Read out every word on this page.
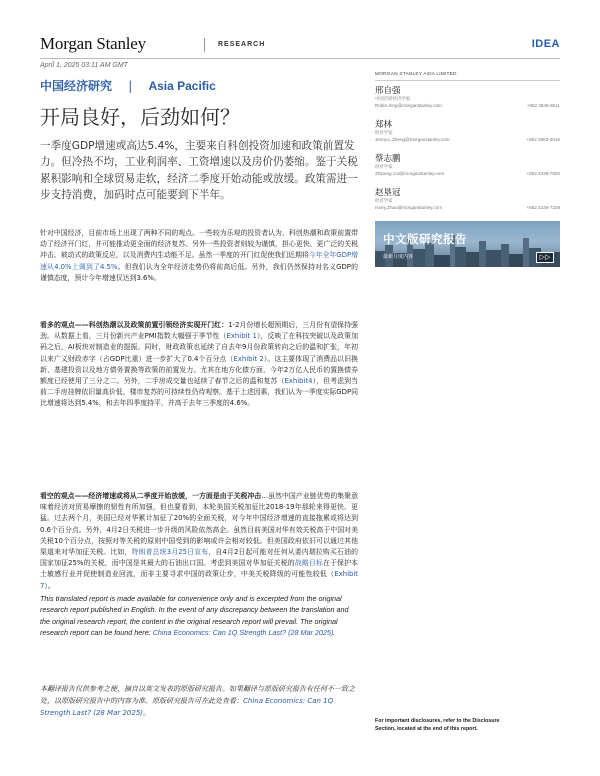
Morgan Stanley	RESEARCH	IDEA
April 1, 2025 03:11 AM GMT
中国经济研究 | Asia Pacific
开局良好，后劲如何？
一季度GDP增速或高达5.4%，主要来自科创投资加速和政策前置发力。但冷热不均，工业利润率、工资增速以及房价仍萎缩。鉴于关税累积影响和全球贸易走软，经济二季度开始动能或放缓。政策需进一步支持消费，加码时点可能要到下半年。
针对中国经济，目前市场上出现了两种不同的观点。一些较为乐观的投资者认为，科创热潮和政策前置带动了经济开门红，并可能推动更全面的经济复苏。另外一些投资者则较为谨慎，担心更快、更广泛的关税冲击、被动式的政策反应，以及消费内生动能不足。虽然一季度的开门红促使我们近期将今年全年GDP增速从4.0%上调到了4.5%。但我们认为全年经济走势仍将前高后低。另外，我们仍然保持对名义GDP的谨慎态度，预计今年增速仅达到3.6%。
看多的观点——科创热潮以及政策前置引领经济实现开门红：1-2月份增长超预期后，三月份有望保持强劲。从数据上看，三月份新兴产业PMI指数大幅强于季节性（Exhibit 1），反映了在科技突破以及政策加码之后，AI板块对制造业的提振。同时，财政政策也延续了自去年9月份政策转向之后的温和扩张，年初以来广义财政赤字（占GDP比重）进一步扩大了0.4个百分点（Exhibit 2）。这主要体现了消费品以旧换新、基建投资以及地方债务置换等政策的前置发力。尤其在地方化债方面，今年2万亿人民币的置换债券额度已经使用了三分之二。另外，二手房成交量也延续了春节之后的温和复苏（Exhibit4），但考虑到当前二手房挂牌依旧量高价低，楼市复苏的可持续性仍待观察。基于上述因素，我们认为一季度实际GDP同比增速将达到5.4%，和去年四季度持平，并高于去年三季度的4.6%。
看空的观点——经济增速或将从二季度开始放缓，一方面是由于关税冲击…虽然中国产业链优势的集聚意味着经济对贸易摩擦的韧性有所加强，但也要看到，本轮美国关税加征比2018-19年那轮来得更快、更猛。过去两个月，美国已经对华累计加征了20%的全面关税，对今年中国经济增速的直接拖累或将达到0.6个百分点。另外，4月2日关税进一步升级的风险依然高企。虽然目前美国对华有效关税高于中国对美关税10个百分点，按照对等关税的原则中国受到的影响或许会相对较低。但美国政府依旧可以通过其他渠道来对华加征关税。比如，特朗普总统3月25日宣布，自4月2日起可能对任何从委内瑞拉购买石油的国家加征25%的关税，而中国是其最大的石油出口国。考虑到美国对华加征关税的战略目标在于保护本土敏感行业并促使制造业回流，而非主要寻求中国的政策让步，中美关税降级的可能性较低（Exhibit 7）。
This translated report is made available for convenience only and is excerpted from the original research report published in English. In the event of any discrepancy between the translation and the original research report, the content in the original research report will prevail. The original research report can be found here: China Economics: Can 1Q Strength Last? (28 Mar 2025).
本翻译报告仅供参考之便，摘自以英文发表的原版研究报告。如果翻译与原版研究报告有任何不一致之处，以原版研究报告中的内容为准。原版研究报告可在此处查看：China Economics: Can 1Q Strength Last? (28 Mar 2025)。
MORGAN STANLEY ASIA LIMITED
邢自强
中国首席经济学家
Robin.Xing@morganstanley.com	+852 2848-6511
郑林
经济学家
Jenny.L.Zheng@morganstanley.com	+852 3963-4015
蔡志鹏
经济学家
Zhipeng.Cai@morganstanley.com	+852 2239-7820
赵垦冠
经济学家
Harry.Zhao@morganstanley.com	+852 2239-7229
中文版研究报告
最新月度内容	▷▷
For important disclosures, refer to the Disclosure Section, located at the end of this report.
